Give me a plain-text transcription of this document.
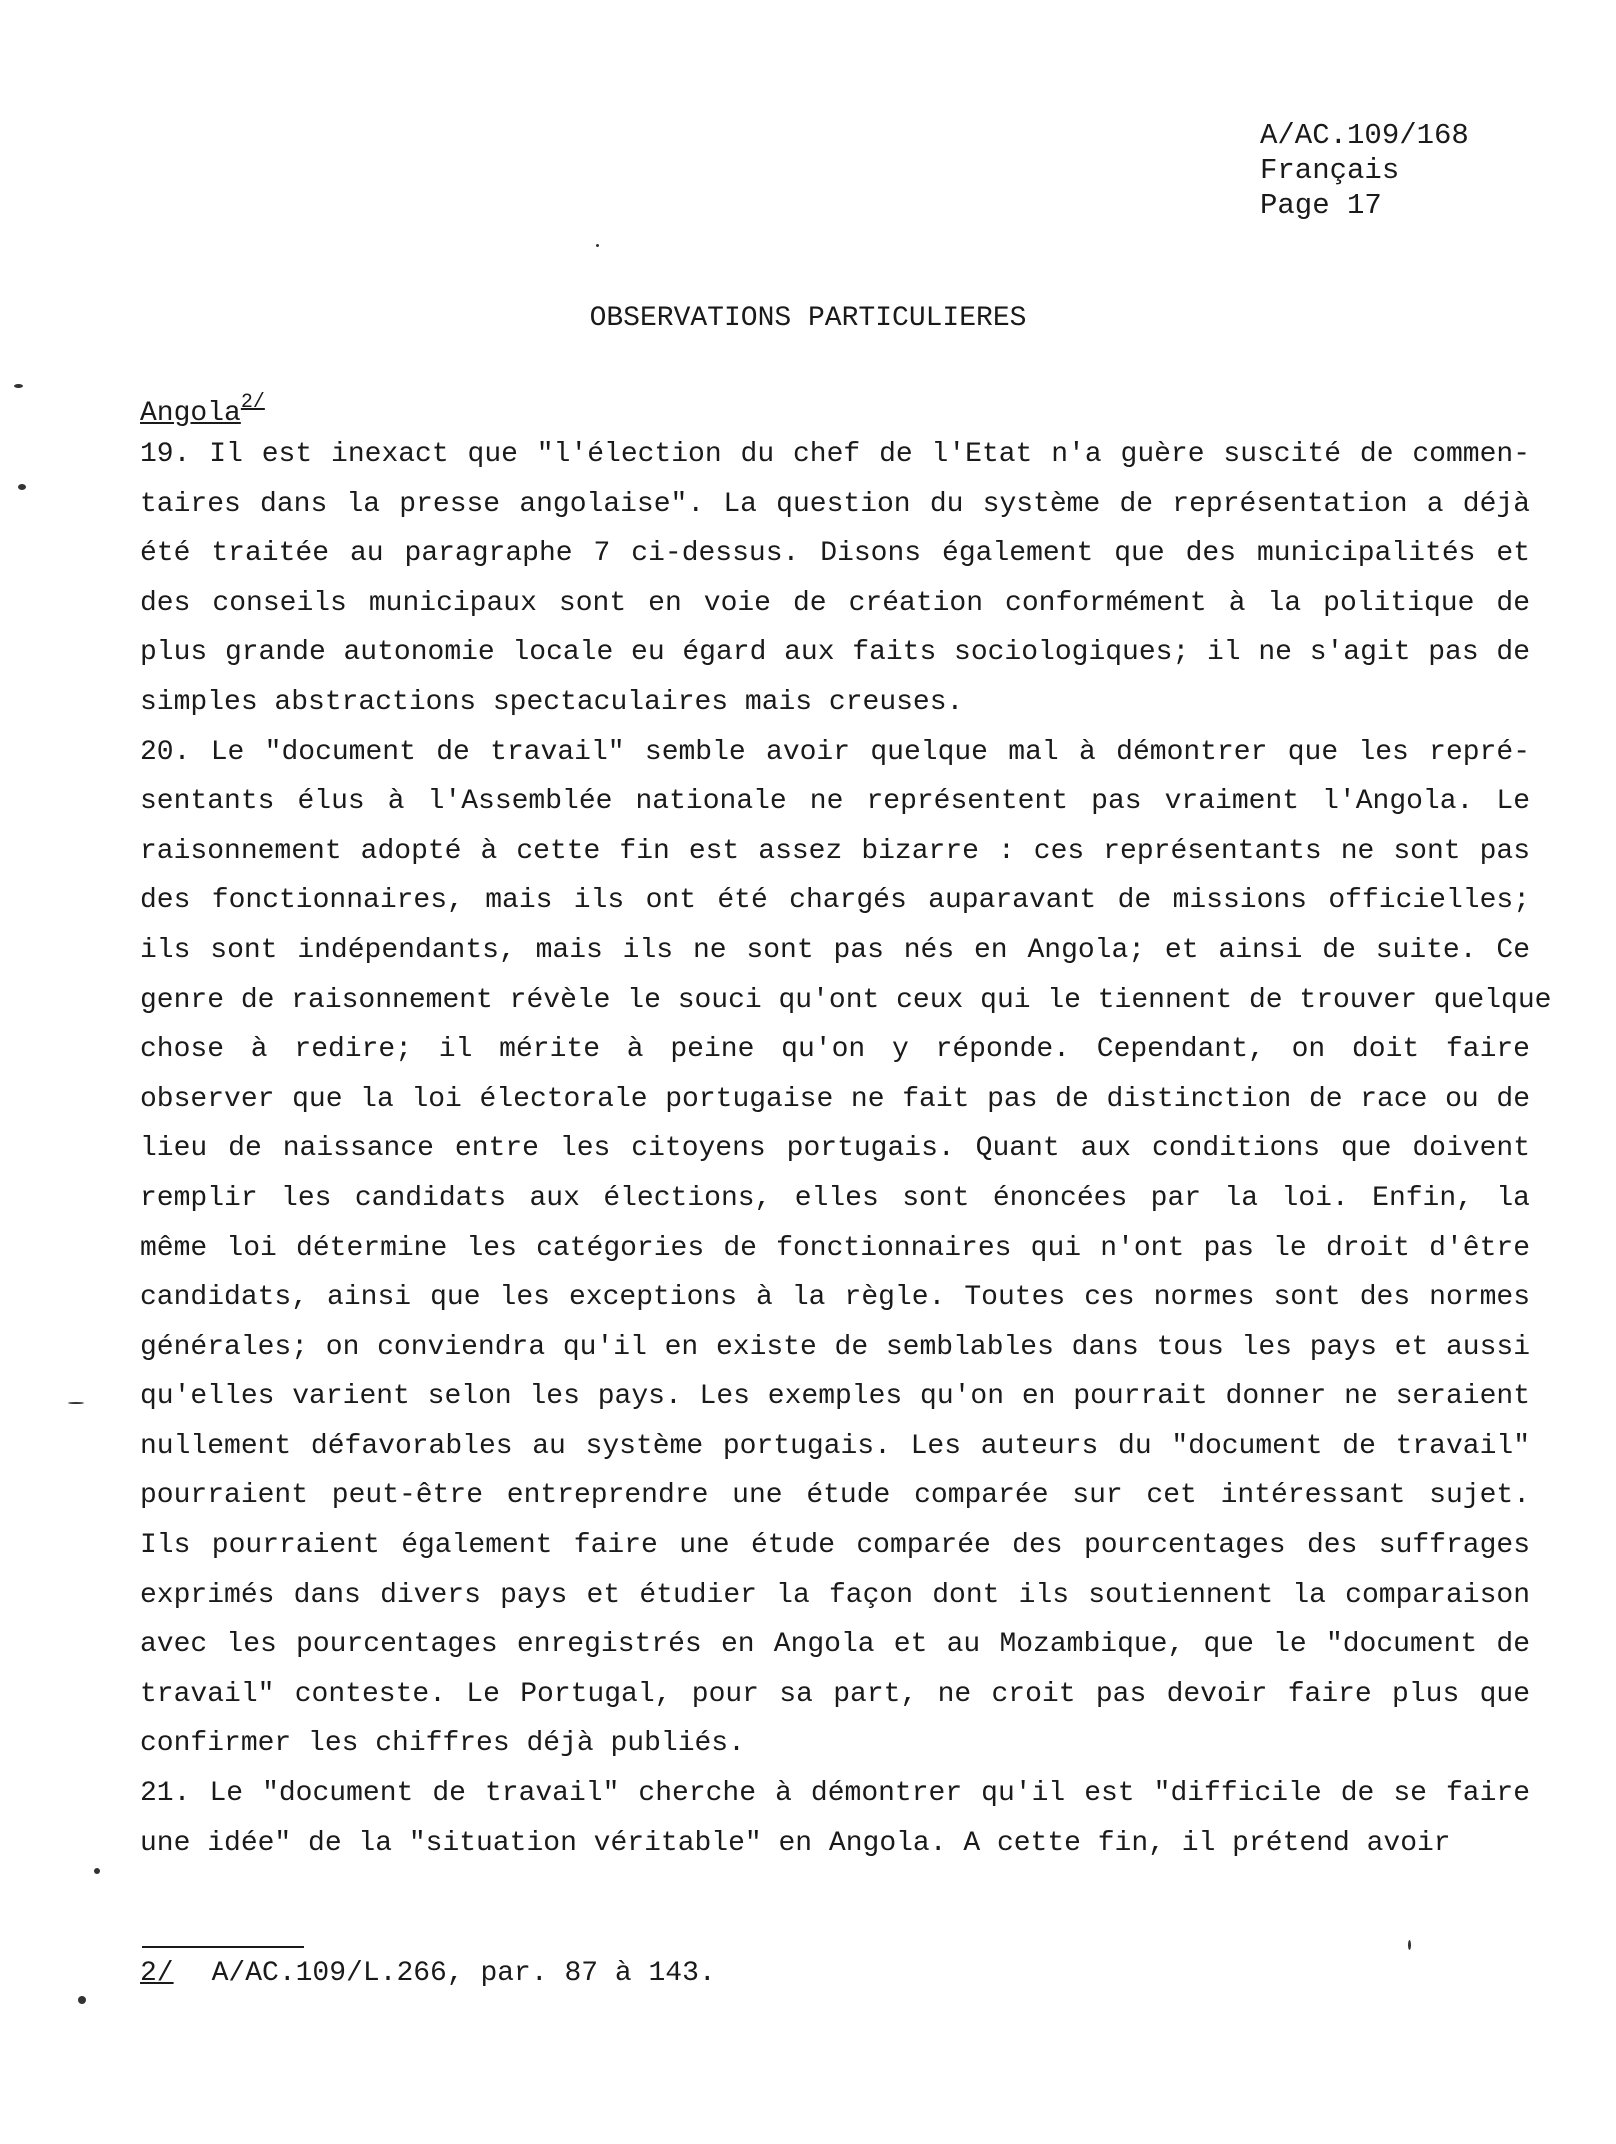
A/AC.109/168
Français
Page 17
OBSERVATIONS PARTICULIERES
Angola$^{2/}$
19. Il est inexact que "l'élection du chef de l'Etat n'a guère suscité de commen-
taires dans la presse angolaise". La question du système de représentation a déjà
été traitée au paragraphe 7 ci-dessus. Disons également que des municipalités et
des conseils municipaux sont en voie de création conformément à la politique de
plus grande autonomie locale eu égard aux faits sociologiques; il ne s'agit pas de
simples abstractions spectaculaires mais creuses.
20. Le "document de travail" semble avoir quelque mal à démontrer que les repré-
sentants élus à l'Assemblée nationale ne représentent pas vraiment l'Angola. Le
raisonnement adopté à cette fin est assez bizarre : ces représentants ne sont pas
des fonctionnaires, mais ils ont été chargés auparavant de missions officielles;
ils sont indépendants, mais ils ne sont pas nés en Angola; et ainsi de suite. Ce
genre de raisonnement révèle le souci qu'ont ceux qui le tiennent de trouver quelque
chose à redire; il mérite à peine qu'on y réponde. Cependant, on doit faire
observer que la loi électorale portugaise ne fait pas de distinction de race ou de
lieu de naissance entre les citoyens portugais. Quant aux conditions que doivent
remplir les candidats aux élections, elles sont énoncées par la loi. Enfin, la
même loi détermine les catégories de fonctionnaires qui n'ont pas le droit d'être
candidats, ainsi que les exceptions à la règle. Toutes ces normes sont des normes
générales; on conviendra qu'il en existe de semblables dans tous les pays et aussi
qu'elles varient selon les pays. Les exemples qu'on en pourrait donner ne seraient
nullement défavorables au système portugais. Les auteurs du "document de travail"
pourraient peut-être entreprendre une étude comparée sur cet intéressant sujet.
Ils pourraient également faire une étude comparée des pourcentages des suffrages
exprimés dans divers pays et étudier la façon dont ils soutiennent la comparaison
avec les pourcentages enregistrés en Angola et au Mozambique, que le "document de
travail" conteste. Le Portugal, pour sa part, ne croit pas devoir faire plus que
confirmer les chiffres déjà publiés.
21. Le "document de travail" cherche à démontrer qu'il est "difficile de se faire
une idée" de la "situation véritable" en Angola. A cette fin, il prétend avoir
2/ A/AC.109/L.266, par. 87 à 143.
